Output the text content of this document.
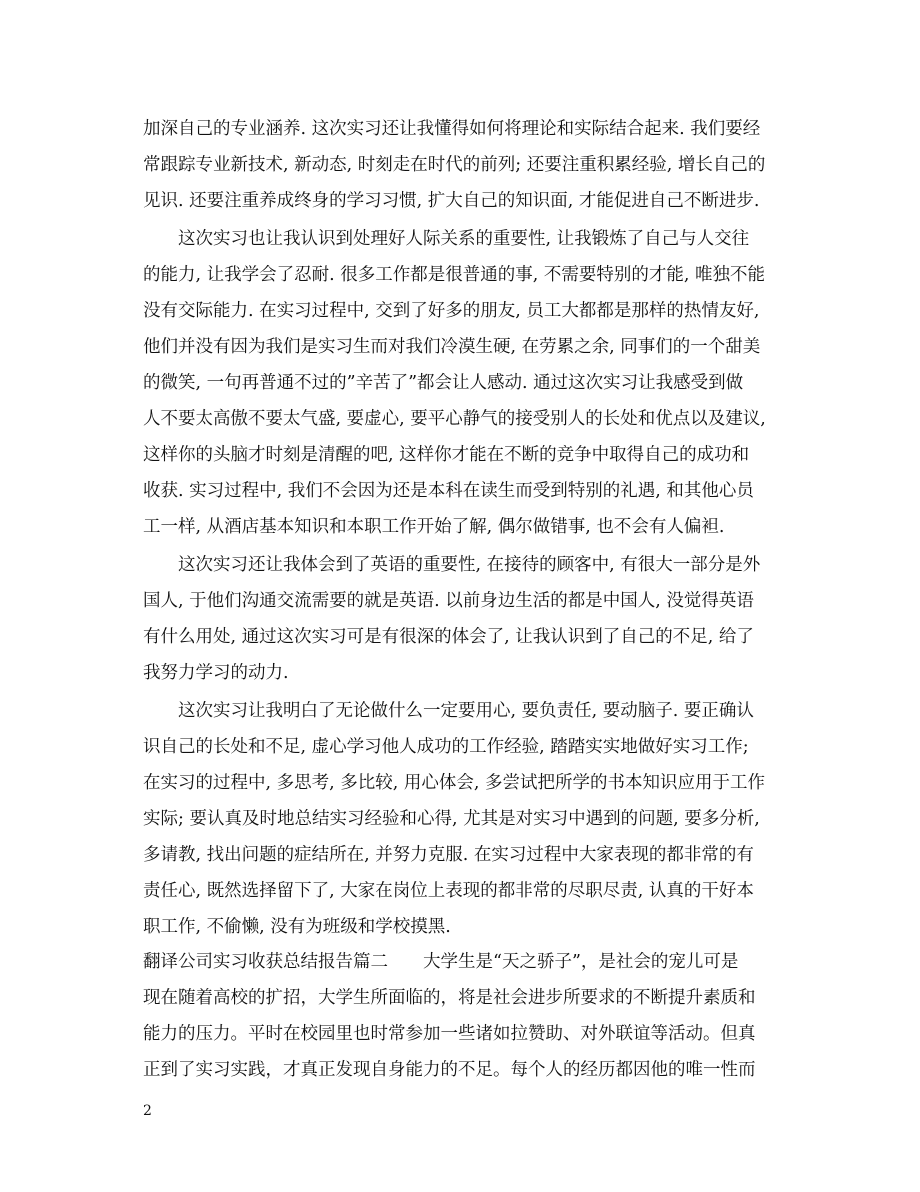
加深自己的专业涵养. 这次实习还让我懂得如何将理论和实际结合起来. 我们要经
常跟踪专业新技术, 新动态, 时刻走在时代的前列; 还要注重积累经验, 增长自己的
见识. 还要注重养成终身的学习习惯, 扩大自己的知识面, 才能促进自己不断进步.
这次实习也让我认识到处理好人际关系的重要性, 让我锻炼了自己与人交往
的能力, 让我学会了忍耐. 很多工作都是很普通的事, 不需要特别的才能, 唯独不能
没有交际能力. 在实习过程中, 交到了好多的朋友, 员工大都都是那样的热情友好,
他们并没有因为我们是实习生而对我们冷漠生硬, 在劳累之余, 同事们的一个甜美
的微笑, 一句再普通不过的”辛苦了”都会让人感动. 通过这次实习让我感受到做
人不要太高傲不要太气盛, 要虚心, 要平心静气的接受别人的长处和优点以及建议,
这样你的头脑才时刻是清醒的吧, 这样你才能在不断的竞争中取得自己的成功和
收获. 实习过程中, 我们不会因为还是本科在读生而受到特别的礼遇, 和其他心员
工一样, 从酒店基本知识和本职工作开始了解, 偶尔做错事, 也不会有人偏袒.
这次实习还让我体会到了英语的重要性, 在接待的顾客中, 有很大一部分是外
国人, 于他们沟通交流需要的就是英语. 以前身边生活的都是中国人, 没觉得英语
有什么用处, 通过这次实习可是有很深的体会了, 让我认识到了自己的不足, 给了
我努力学习的动力.
这次实习让我明白了无论做什么一定要用心, 要负责任, 要动脑子. 要正确认
识自己的长处和不足, 虚心学习他人成功的工作经验, 踏踏实实地做好实习工作;
在实习的过程中, 多思考, 多比较, 用心体会, 多尝试把所学的书本知识应用于工作
实际; 要认真及时地总结实习经验和心得, 尤其是对实习中遇到的问题, 要多分析,
多请教, 找出问题的症结所在, 并努力克服. 在实习过程中大家表现的都非常的有
责任心, 既然选择留下了, 大家在岗位上表现的都非常的尽职尽责, 认真的干好本
职工作, 不偷懒, 没有为班级和学校摸黑.
翻译公司实习收获总结报告篇二　　大学生是“天之骄子”，是社会的宠儿可是
现在随着高校的扩招，大学生所面临的，将是社会进步所要求的不断提升素质和
能力的压力。平时在校园里也时常参加一些诸如拉赞助、对外联谊等活动。但真
正到了实习实践，才真正发现自身能力的不足。每个人的经历都因他的唯一性而
2
